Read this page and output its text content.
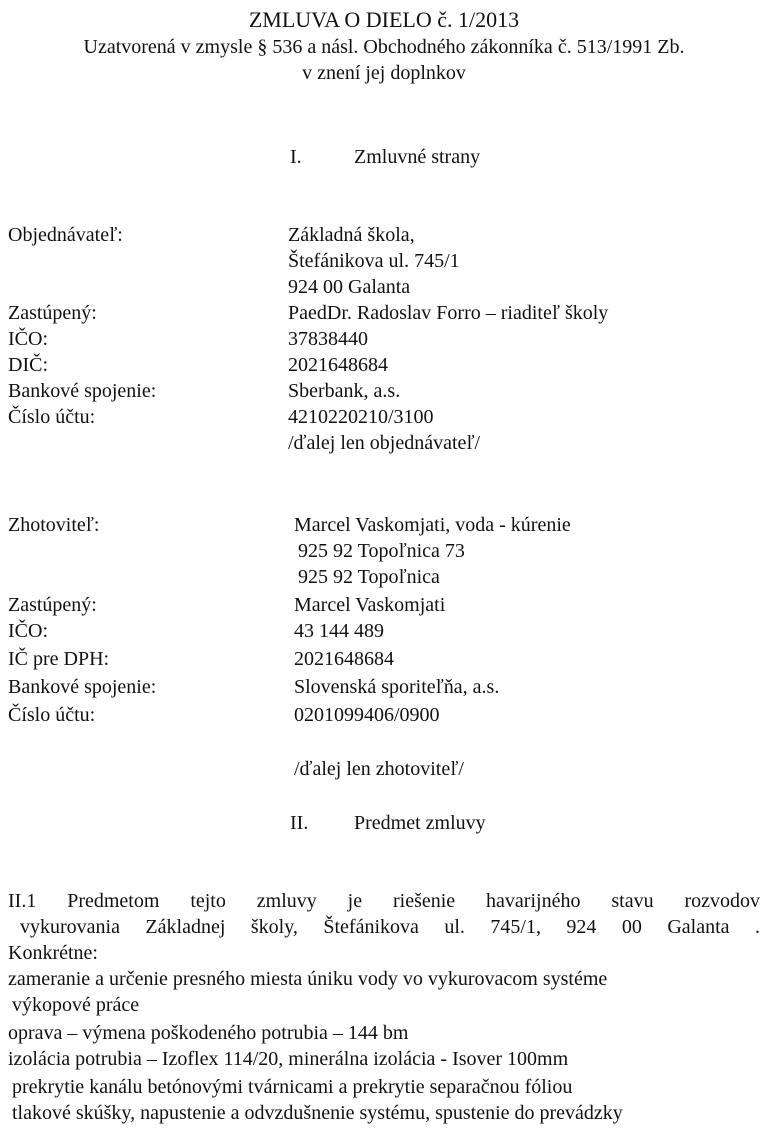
ZMLUVA O DIELO č. 1/2013
Uzatvorená v zmysle § 536 a násl. Obchodného zákonníka č. 513/1991 Zb.
v znení jej doplnkov
I.	Zmluvné strany
Objednávateľ:	Základná škola,
Štefánikova ul. 745/1
924 00 Galanta
Zastúpený:	PaedDr. Radoslav Forro – riaditeľ školy
IČO:	37838440
DIČ:	2021648684
Bankové spojenie:	Sberbank, a.s.
Číslo účtu:	4210220210/3100
/ďalej len objednávateľ/
Zhotoviteľ:	Marcel Vaskomjati, voda - kúrenie
925 92 Topoľnica 73
925 92 Topoľnica
Zastúpený:	Marcel Vaskomjati
IČO:	43 144 489
IČ pre DPH:	2021648684
Bankové spojenie:	Slovenská sporiteľňa, a.s.
Číslo účtu:	0201099406/0900
/ďalej len zhotoviteľ/
II. Predmet zmluvy
II.1 Predmetom tejto zmluvy je riešenie havarijného stavu rozvodov
vykurovania Základnej školy, Štefánikova ul. 745/1, 924 00 Galanta .
Konkrétne:
zameranie a určenie presného miesta úniku vody vo vykurovacom systéme
výkopové práce
oprava – výmena poškodeného potrubia – 144 bm
izolácia potrubia – Izoflex 114/20, minerálna izolácia - Isover 100mm
prekrytie kanálu betónovými tvárnicami a prekrytie separačnou fóliou
tlakové skúšky, napustenie a odvzdušnenie systému, spustenie do prevádzky
